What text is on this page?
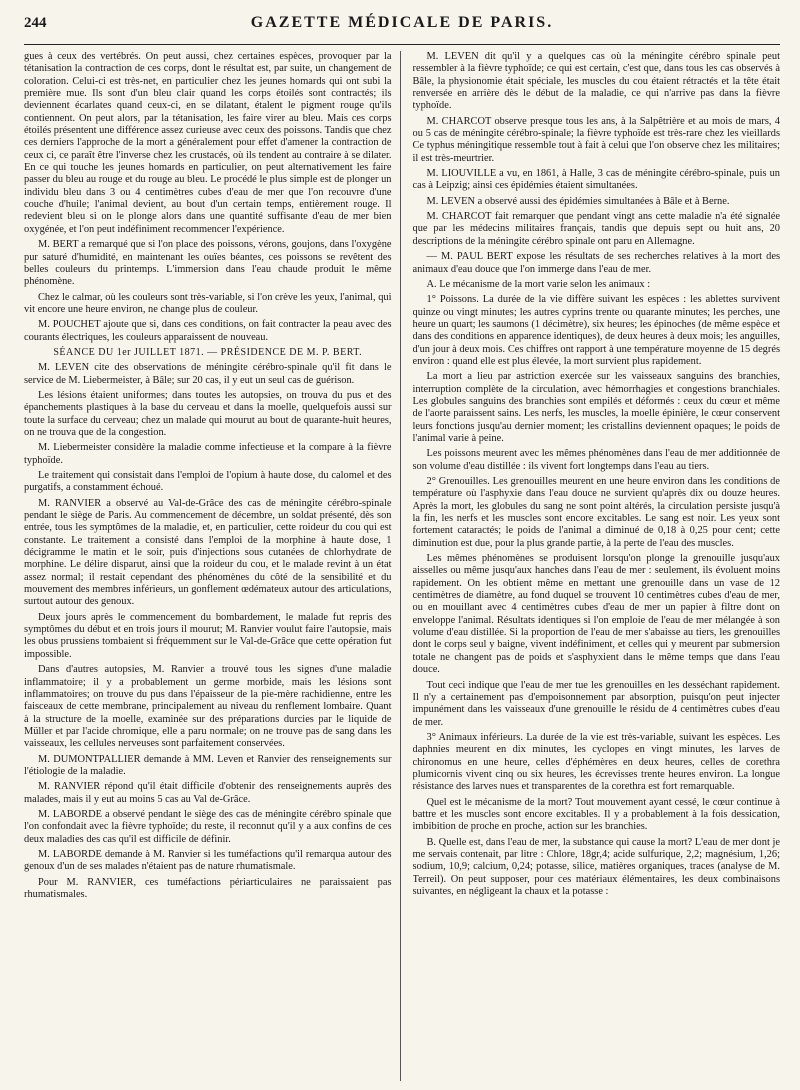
244	GAZETTE MÉDICALE DE PARIS.

gues à ceux des vertébrés. On peut aussi, chez certaines espèces, provoquer par la tétanisation la contraction de ces corps, dont le résultat est, par suite, un changement de coloration. Celui-ci est très-net, en particulier chez les jeunes homards qui ont subi la première mue. Ils sont d'un bleu clair quand les corps étoilés sont contractés; ils deviennent écarlates quand ceux-ci, en se dilatant, étalent le pigment rouge qu'ils contiennent. On peut alors, par la tétanisation, les faire virer au bleu. Mais ces corps étoilés présentent une différence assez curieuse avec ceux des poissons. Tandis que chez ces derniers l'approche de la mort a généralement pour effet d'amener la contraction de ceux ci, ce paraît être l'inverse chez les crustacés, où ils tendent au contraire à se dilater. En ce qui touche les jeunes homards en particulier, on peut alternativement les faire passer du bleu au rouge et du rouge au bleu. Le procédé le plus simple est de plonger un individu bleu dans 3 ou 4 centimètres cubes d'eau de mer que l'on recouvre d'une couche d'huile; l'animal devient, au bout d'un certain temps, entièrement rouge. Il redevient bleu si on le plonge alors dans une quantité suffisante d'eau de mer bien oxygénée, et l'on peut indéfiniment recommencer l'expérience.

M. BERT a remarqué que si l'on place des poissons, vérons, goujons, dans l'oxygène pur saturé d'humidité, en maintenant les ouïes béantes, ces poissons se revêtent des belles couleurs du printemps. L'immersion dans l'eau chaude produit le même phénomène.

Chez le calmar, où les couleurs sont très-variable, si l'on crève les yeux, l'animal, qui vit encore une heure environ, ne change plus de couleur.

M. POUCHET ajoute que si, dans ces conditions, on fait contracter la peau avec des courants électriques, les couleurs apparaissent de nouveau.

SÉANCE DU 1er JUILLET 1871. — PRÉSIDENCE DE M. P. BERT.

M. LEVEN cite des observations de méningite cérébro-spinale qu'il fit dans le service de M. Liebermeister, à Bâle; sur 20 cas, il y eut un seul cas de guérison.

Les lésions étaient uniformes; dans toutes les autopsies, on trouva du pus et des épanchements plastiques à la base du cerveau et dans la moelle, quelquefois aussi sur toute la surface du cerveau; chez un malade qui mourut au bout de quarante-huit heures, on ne trouva que de la congestion.

M. Liebermeister considère la maladie comme infectieuse et la compare à la fièvre typhoïde.

Le traitement qui consistait dans l'emploi de l'opium à haute dose, du calomel et des purgatifs, a constamment échoué.

M. RANVIER a observé au Val-de-Grâce des cas de méningite cérébro-spinale pendant le siège de Paris. Au commencement de décembre, un soldat présenté, dès son entrée, tous les symptômes de la maladie, et, en particulier, cette roideur du cou qui est constante. Le traitement a consisté dans l'emploi de la morphine à haute dose, 1 décigramme le matin et le soir, puis d'injections sous cutanées de chlorhydrate de morphine. Le délire disparut, ainsi que la roideur du cou, et le malade revint à un état assez normal; il restait cependant des phénomènes du côté de la sensibilité et du mouvement des membres inférieurs, un gonflement œdémateux autour des articulations, surtout autour des genoux.

Deux jours après le commencement du bombardement, le malade fut repris des symptômes du début et en trois jours il mourut; M. Ranvier voulut faire l'autopsie, mais les obus prussiens tombaient si fréquemment sur le Val-de-Grâce que cette opération fut impossible.

Dans d'autres autopsies, M. Ranvier a trouvé tous les signes d'une maladie inflammatoire; il y a probablement un germe morbide, mais les lésions sont inflammatoires; on trouve du pus dans l'épaisseur de la pie-mère rachidienne, entre les faisceaux de cette membrane, principalement au niveau du renflement lombaire. Quant à la structure de la moelle, examinée sur des préparations durcies par le liquide de Müller et par l'acide chromique, elle a paru normale; on ne trouve pas de sang dans les vaisseaux, les cellules nerveuses sont parfaitement conservées.

M. DUMONTPALLIER demande à MM. Leven et Ranvier des renseignements sur l'étiologie de la maladie.

M. RANVIER répond qu'il était difficile d'obtenir des renseignements auprès des malades, mais il y eut au moins 5 cas au Val de-Grâce.

M. LABORDE a observé pendant le siège des cas de méningite cérébro spinale que l'on confondait avec la fièvre typhoïde; du reste, il reconnut qu'il y a aux confins de ces deux maladies des cas qu'il est difficile de définir.

M. LABORDE demande à M. Ranvier si les tuméfactions qu'il remarqua autour des genoux d'un de ses malades n'étaient pas de nature rhumatismale.

Pour M. RANVIER, ces tuméfactions périarticulaires ne paraissaient pas rhumatismales.

M. LEVEN dit qu'il y a quelques cas où la méningite cérébro spinale peut ressembler à la fièvre typhoïde; ce qui est certain, c'est que, dans tous les cas observés à Bâle, la physionomie était spéciale, les muscles du cou étaient rétractés et la tête était renversée en arrière dès le début de la maladie, ce qui n'arrive pas dans la fièvre typhoïde.

M. CHARCOT observe presque tous les ans, à la Salpêtrière et au mois de mars, 4 ou 5 cas de méningite cérébro-spinale; la fièvre typhoïde est très-rare chez les vieillards Ce typhus méningitique ressemble tout à fait à celui que l'on observe chez les militaires; il est très-meurtrier.

M. LIOUVILLE a vu, en 1861, à Halle, 3 cas de méningite cérébro-spinale, puis un cas à Leipzig; ainsi ces épidémies étaient simultanées.

M. LEVEN a observé aussi des épidémies simultanées à Bâle et à Berne.

M. CHARCOT fait remarquer que pendant vingt ans cette maladie n'a été signalée que par les médecins militaires français, tandis que depuis sept ou huit ans, 20 descriptions de la méningite cérébro spinale ont paru en Allemagne.

— M. PAUL BERT expose les résultats de ses recherches relatives à la mort des animaux d'eau douce que l'on immerge dans l'eau de mer.

A. Le mécanisme de la mort varie selon les animaux :

1° Poissons. La durée de la vie diffère suivant les espèces : les ablettes survivent quinze ou vingt minutes; les autres cyprins trente ou quarante minutes; les perches, une heure un quart; les saumons (1 décimètre), six heures; les épinoches (de même espèce et dans des conditions en apparence identiques), de deux heures à deux mois; les anguilles, d'un jour à deux mois. Ces chiffres ont rapport à une température moyenne de 15 degrés environ : quand elle est plus élevée, la mort survient plus rapidement.

La mort a lieu par astriction exercée sur les vaisseaux sanguins des branchies, interruption complète de la circulation, avec hémorrhagies et congestions branchiales. Les globules sanguins des branchies sont empilés et déformés : ceux du cœur et même de l'aorte paraissent sains. Les nerfs, les muscles, la moelle épinière, le cœur conservent leurs fonctions jusqu'au dernier moment; les cristallins deviennent opaques; le poids de l'animal varie à peine.

Les poissons meurent avec les mêmes phénomènes dans l'eau de mer additionnée de son volume d'eau distillée : ils vivent fort longtemps dans l'eau au tiers.

2° Grenouilles. Les grenouilles meurent en une heure environ dans les conditions de température où l'asphyxie dans l'eau douce ne survient qu'après dix ou douze heures. Après la mort, les globules du sang ne sont point altérés, la circulation persiste jusqu'à la fin, les nerfs et les muscles sont encore excitables. Le sang est noir. Les yeux sont fortement cataractés; le poids de l'animal a diminué de 0,18 à 0,25 pour cent; cette diminution est due, pour la plus grande partie, à la perte de l'eau des muscles.

Les mêmes phénomènes se produisent lorsqu'on plonge la grenouille jusqu'aux aisselles ou même jusqu'aux hanches dans l'eau de mer : seulement, ils évoluent moins rapidement. On les obtient même en mettant une grenouille dans un vase de 12 centimètres de diamètre, au fond duquel se trouvent 10 centimètres cubes d'eau de mer, ou en mouillant avec 4 centimètres cubes d'eau de mer un papier à filtre dont on enveloppe l'animal. Résultats identiques si l'on emploie de l'eau de mer mélangée à son volume d'eau distillée. Si la proportion de l'eau de mer s'abaisse au tiers, les grenouilles dont le corps seul y baigne, vivent indéfiniment, et celles qui y meurent par submersion totale ne changent pas de poids et s'asphyxient dans le même temps que dans l'eau douce.

Tout ceci indique que l'eau de mer tue les grenouilles en les desséchant rapidement. Il n'y a certainement pas d'empoisonnement par absorption, puisqu'on peut injecter impunément dans les vaisseaux d'une grenouille le résidu de 4 centimètres cubes d'eau de mer.

3° Animaux inférieurs. La durée de la vie est très-variable, suivant les espèces. Les daphnies meurent en dix minutes, les cyclopes en vingt minutes, les larves de chironomus en une heure, celles d'éphémères en deux heures, celles de corethra plumicornis vivent cinq ou six heures, les écrevisses trente heures environ. La longue résistance des larves nues et transparentes de la corethra est fort remarquable.

Quel est le mécanisme de la mort? Tout mouvement ayant cessé, le cœur continue à battre et les muscles sont encore excitables. Il y a probablement à la fois dessication, imbibition de proche en proche, action sur les branchies.

B. Quelle est, dans l'eau de mer, la substance qui cause la mort? L'eau de mer dont je me servais contenait, par litre : Chlore, 18gr,4; acide sulfurique, 2,2; magnésium, 1,26; sodium, 10,9; calcium, 0,24; potasse, silice, matières organiques, traces (analyse de M. Terreil). On peut supposer, pour ces matériaux élémentaires, les deux combinaisons suivantes, en négligeant la chaux et la potasse :
